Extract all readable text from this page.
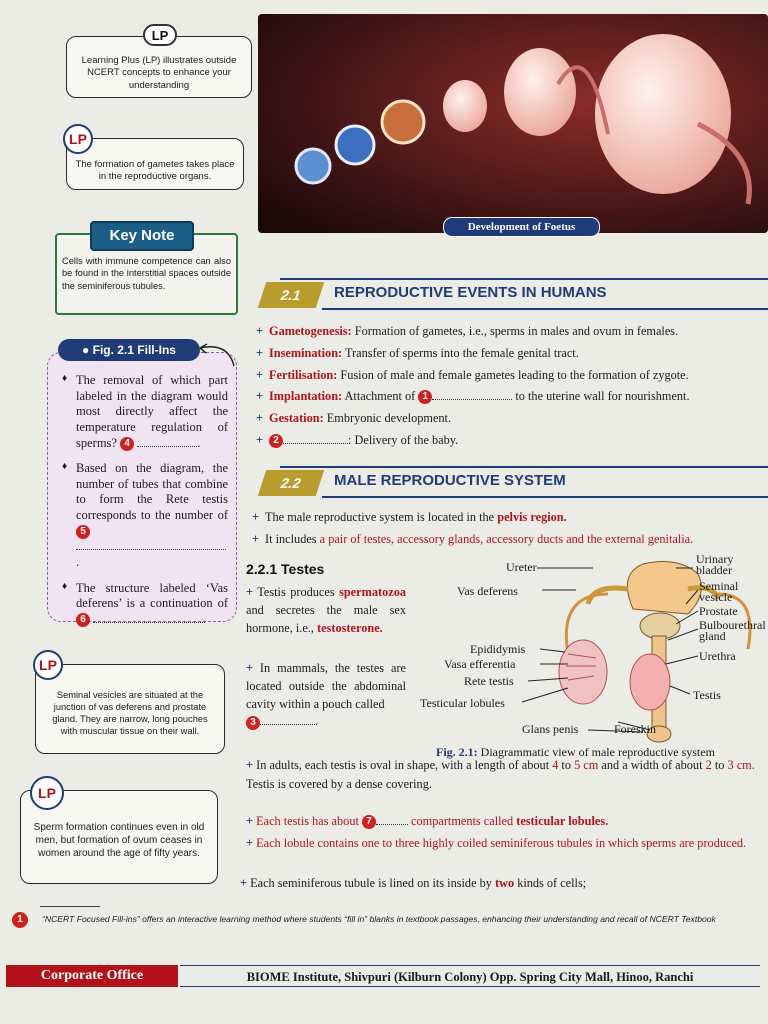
Learning Plus (LP) illustrates outside NCERT concepts to enhance your understanding
LP
The formation of gametes takes place in the reproductive organs.
LP
Cells with immune competence can also be found in the interstitial spaces outside the seminiferous tubules.
Key Note
♦ The removal of which part labeled in the diagram would most directly affect the temperature regulation of sperms? 4	.
♦ Based on the diagram, the number of tubes that combine to form the Rete testis corresponds to the number of 5 .
♦ The structure labeled ‘Vas deferens’ is a continuation of 6	.
● Fig. 2.1 Fill-Ins
Seminal vesicles are situated at the junction of vas deferens and prostate gland. They are narrow, long pouches with muscular tissue on their wall.
LP
Sperm formation continues even in old men, but formation of ovum ceases in women around the age of fifty years.
LP
Development of Foetus
2.1	REPRODUCTIVE EVENTS IN HUMANS
+ Gametogenesis: Formation of gametes, i.e., sperms in males and ovum in females.
+ Insemination: Transfer of sperms into the female genital tract.
+ Fertilisation: Fusion of male and female gametes leading to the formation of zygote.
+ Implantation: Attachment of 1	to the uterine wall for nourishment.
+ Gestation: Embryonic development.
+ 2	: Delivery of the baby.
2.2	MALE REPRODUCTIVE SYSTEM
+ The male reproductive system is located in the pelvis region.
+ It includes a pair of testes, accessory glands, accessory ducts and the external genitalia.
2.2.1 Testes
+ Testis produces spermatozoa and secretes the male sex hormone, i.e., testosterone.
+ In mammals, the testes are located outside the abdominal cavity within a pouch called
3	.
Ureter
Vas deferens
Epididymis
Vasa efferentia
Rete testis
Testicular lobules
Glans penis
Urinary bladder
Seminal vesicle
Prostate
Bulbourethral gland
Urethra
Testis
Foreskin
Fig. 2.1: Diagrammatic view of male reproductive system
+ In adults, each testis is oval in shape, with a length of about 4 to 5 cm and a width of about 2 to 3 cm. Testis is covered by a dense covering.
+ Each testis has about 7	compartments called testicular lobules.
+ Each lobule contains one to three highly coiled seminiferous tubules in which sperms are produced.
+ Each seminiferous tubule is lined on its inside by two kinds of cells;
1	“NCERT Focused Fill-ins” offers an interactive learning method where students “fill in” blanks in textbook passages, enhancing their understanding and recall of NCERT Textbook
Corporate Office	BIOME Institute, Shivpuri (Kilburn Colony) Opp. Spring City Mall, Hinoo, Ranchi
